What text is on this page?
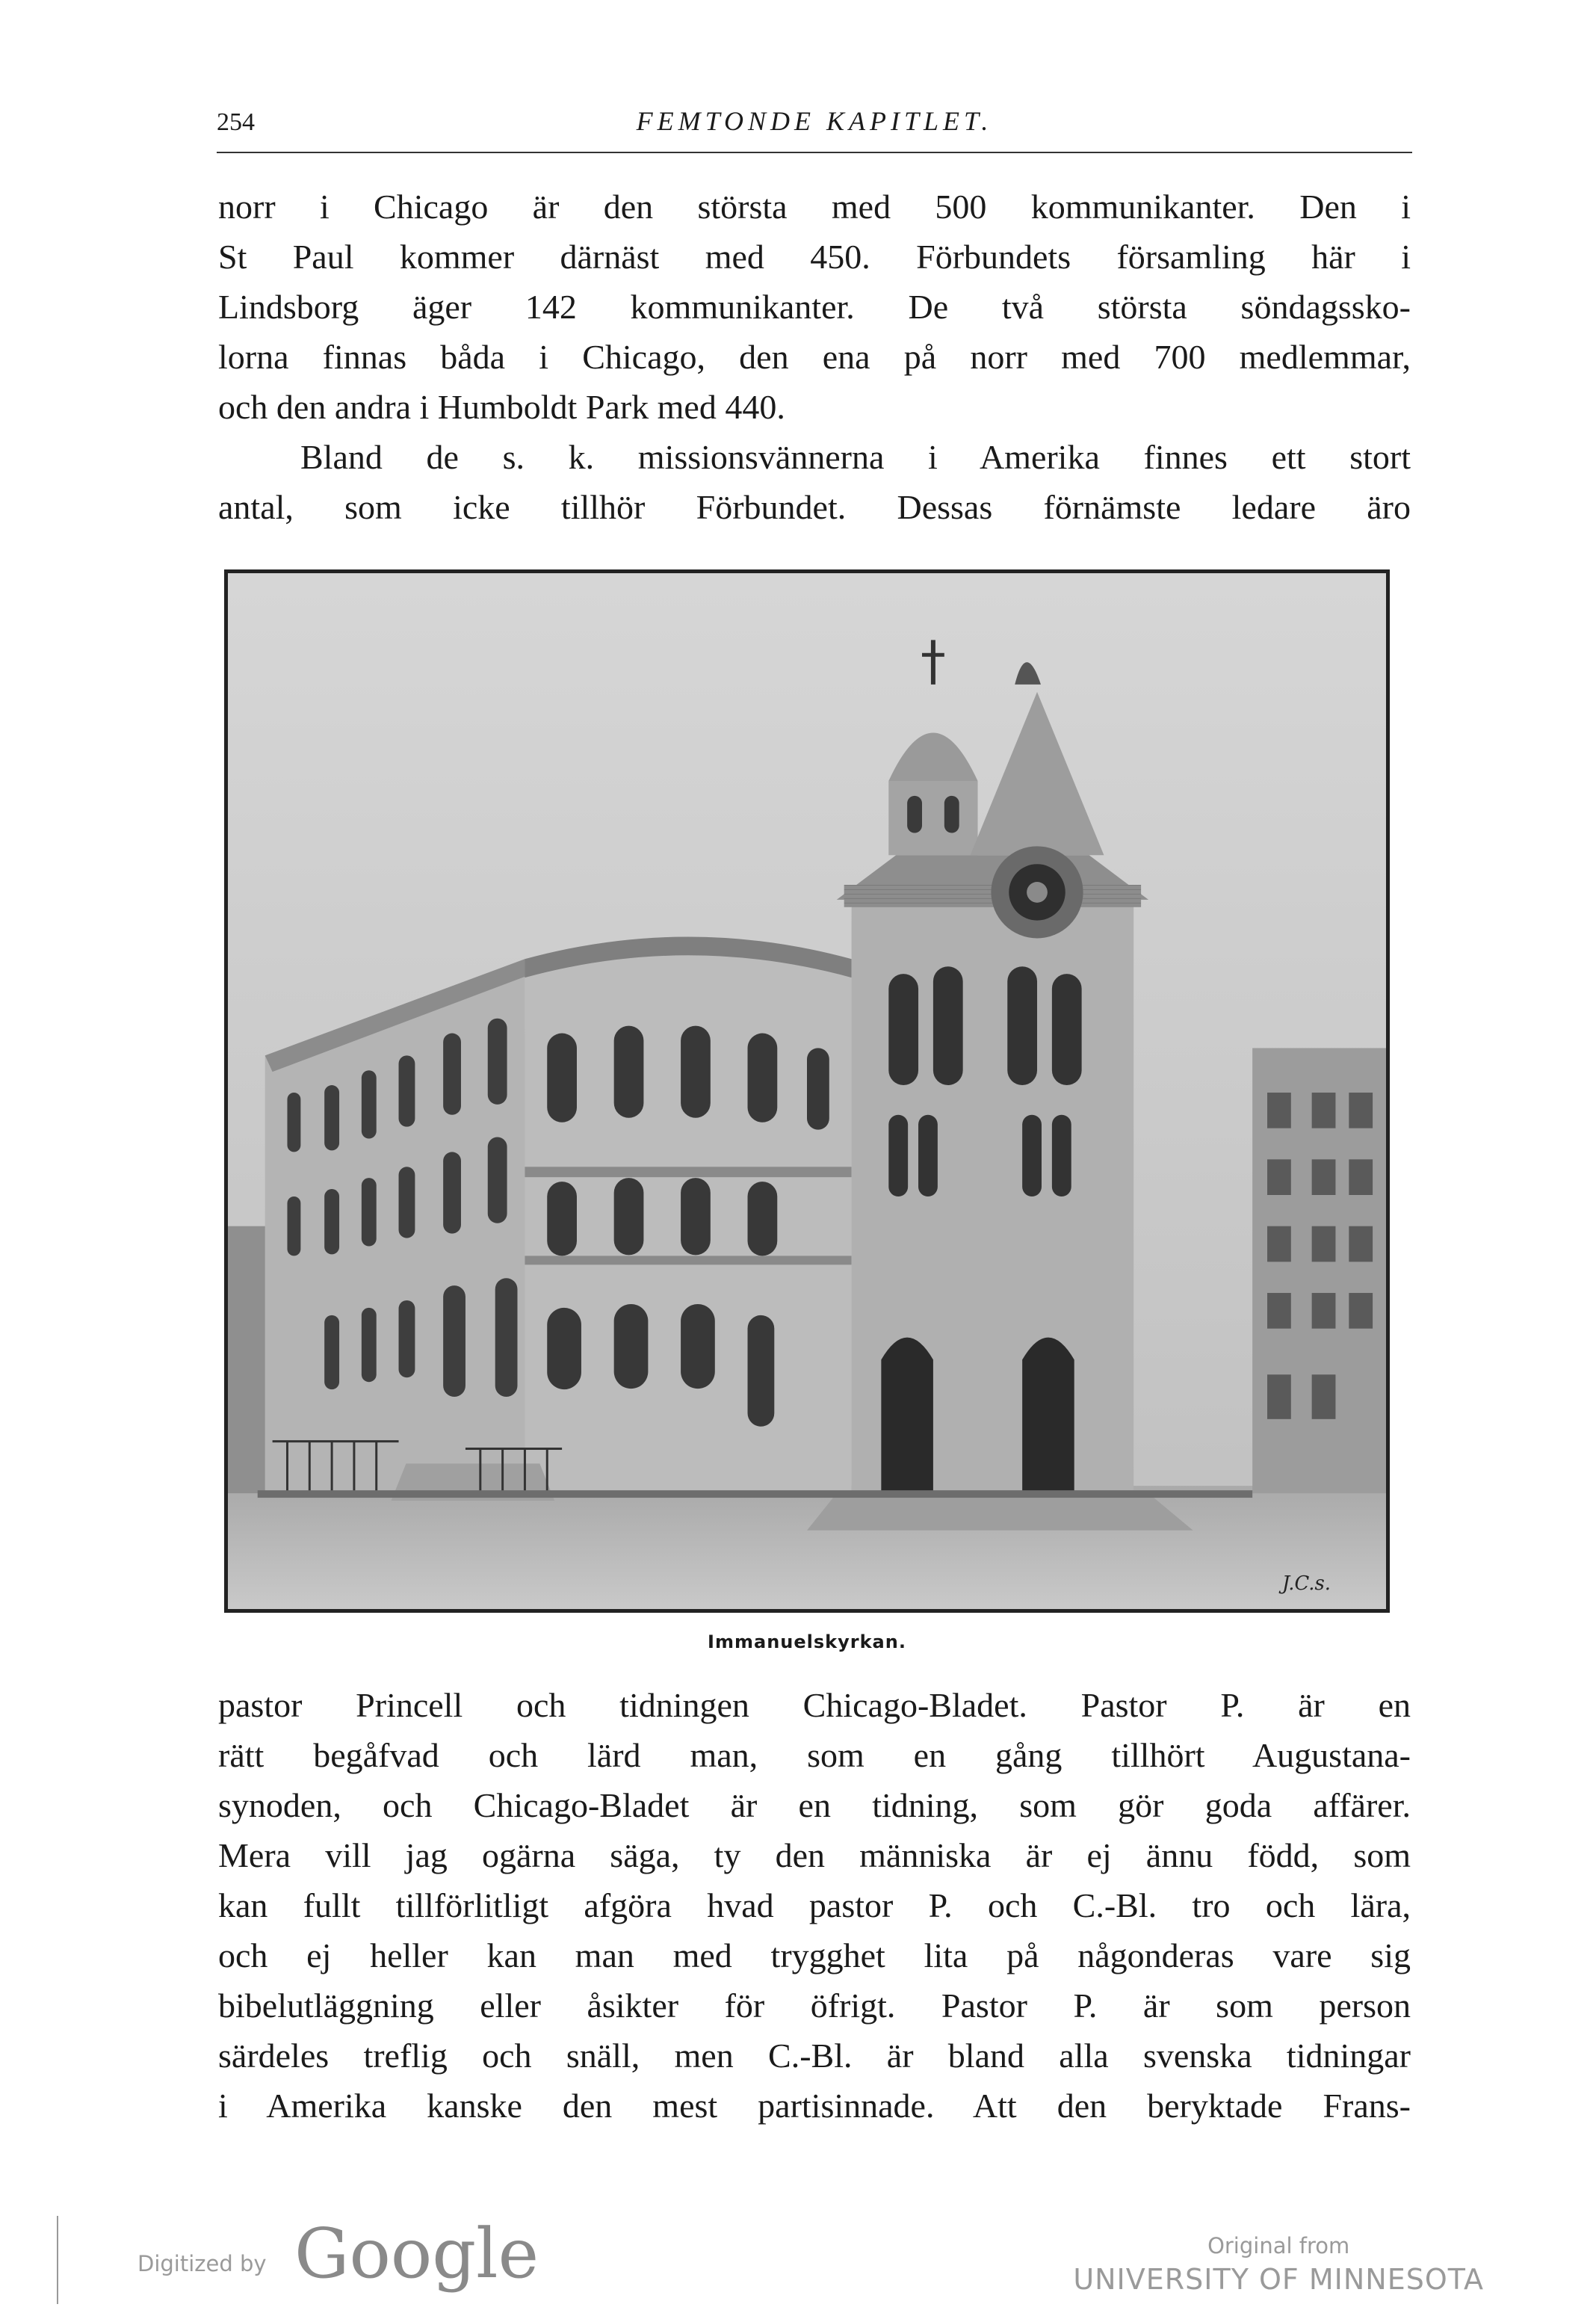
254	FEMTONDE KAPITLET.
norr i Chicago är den största med 500 kommunikanter. Den i
St Paul kommer därnäst med 450. Förbundets församling här i
Lindsborg äger 142 kommunikanter. De två största söndagssko-
lorna finnas båda i Chicago, den ena på norr med 700 medlemmar,
och den andra i Humboldt Park med 440.
Bland de s. k. missionsvännerna i Amerika finnes ett stort
antal, som icke tillhör Förbundet. Dessas förnämste ledare äro
J.C.s.
Immanuelskyrkan.
pastor Princell och tidningen Chicago-Bladet. Pastor P. är en
rätt begåfvad och lärd man, som en gång tillhört Augustana-
synoden, och Chicago-Bladet är en tidning, som gör goda affärer.
Mera vill jag ogärna säga, ty den människa är ej ännu född, som
kan fullt tillförlitligt afgöra hvad pastor P. och C.-Bl. tro och lära,
och ej heller kan man med trygghet lita på någonderas vare sig
bibelutläggning eller åsikter för öfrigt. Pastor P. är som person
särdeles treflig och snäll, men C.-Bl. är bland alla svenska tidningar
i Amerika kanske den mest partisinnade. Att den beryktade Frans-
Digitized by Google	Original from
UNIVERSITY OF MINNESOTA
